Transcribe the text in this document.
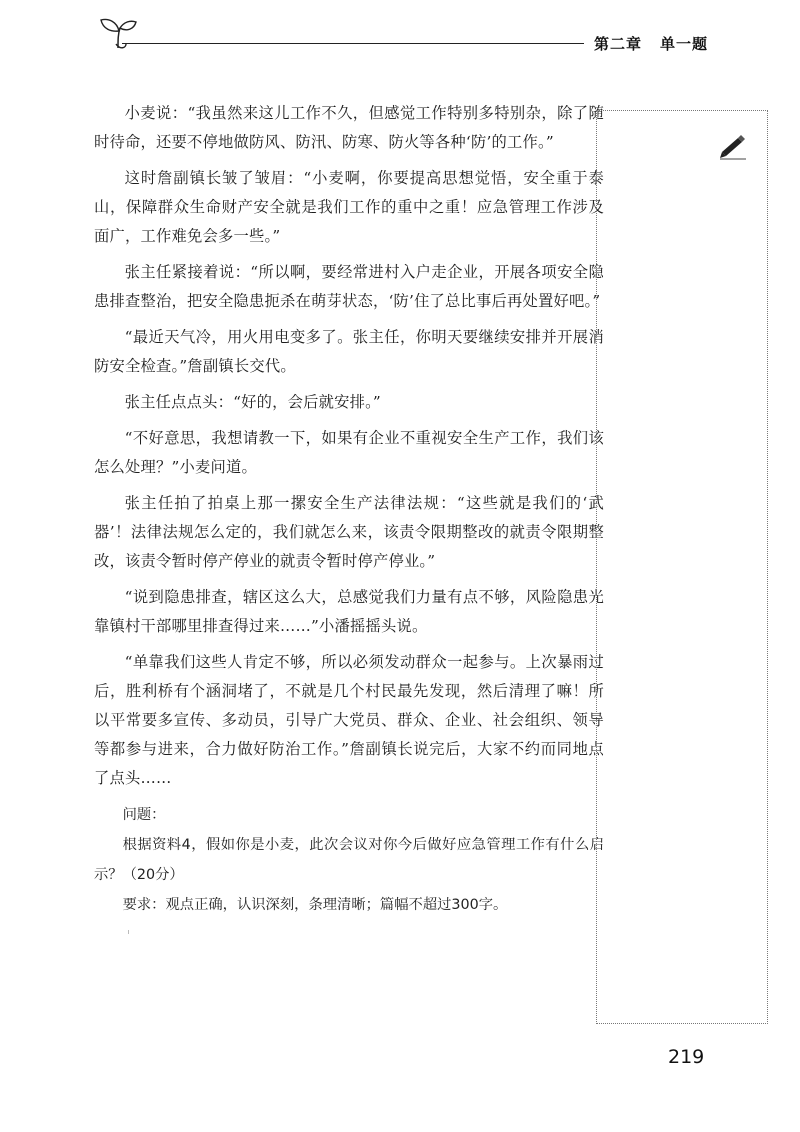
第二章 单一题

小麦说：“我虽然来这儿工作不久，但感觉工作特别多特别杂，除了随时待命，还要不停地做防风、防汛、防寒、防火等各种‘防’的工作。”

这时詹副镇长皱了皱眉：“小麦啊，你要提高思想觉悟，安全重于泰山，保障群众生命财产安全就是我们工作的重中之重！应急管理工作涉及面广，工作难免会多一些。”

张主任紧接着说：“所以啊，要经常进村入户走企业，开展各项安全隐患排查整治，把安全隐患扼杀在萌芽状态，‘防’住了总比事后再处置好吧。”

“最近天气冷，用火用电变多了。张主任，你明天要继续安排并开展消防安全检查。”詹副镇长交代。

张主任点点头：“好的，会后就安排。”

“不好意思，我想请教一下，如果有企业不重视安全生产工作，我们该怎么处理？”小麦问道。

张主任拍了拍桌上那一摞安全生产法律法规：“这些就是我们的‘武器’！法律法规怎么定的，我们就怎么来，该责令限期整改的就责令限期整改，该责令暂时停产停业的就责令暂时停产停业。”

“说到隐患排查，辖区这么大，总感觉我们力量有点不够，风险隐患光靠镇村干部哪里排查得过来……”小潘摇摇头说。

“单靠我们这些人肯定不够，所以必须发动群众一起参与。上次暴雨过后，胜利桥有个涵洞堵了，不就是几个村民最先发现，然后清理了嘛！所以平常要多宣传、多动员，引导广大党员、群众、企业、社会组织、领导等都参与进来，合力做好防治工作。”詹副镇长说完后，大家不约而同地点了点头……

问题：

根据资料4，假如你是小麦，此次会议对你今后做好应急管理工作有什么启示？（20分）

要求：观点正确，认识深刻，条理清晰；篇幅不超过300字。

219
